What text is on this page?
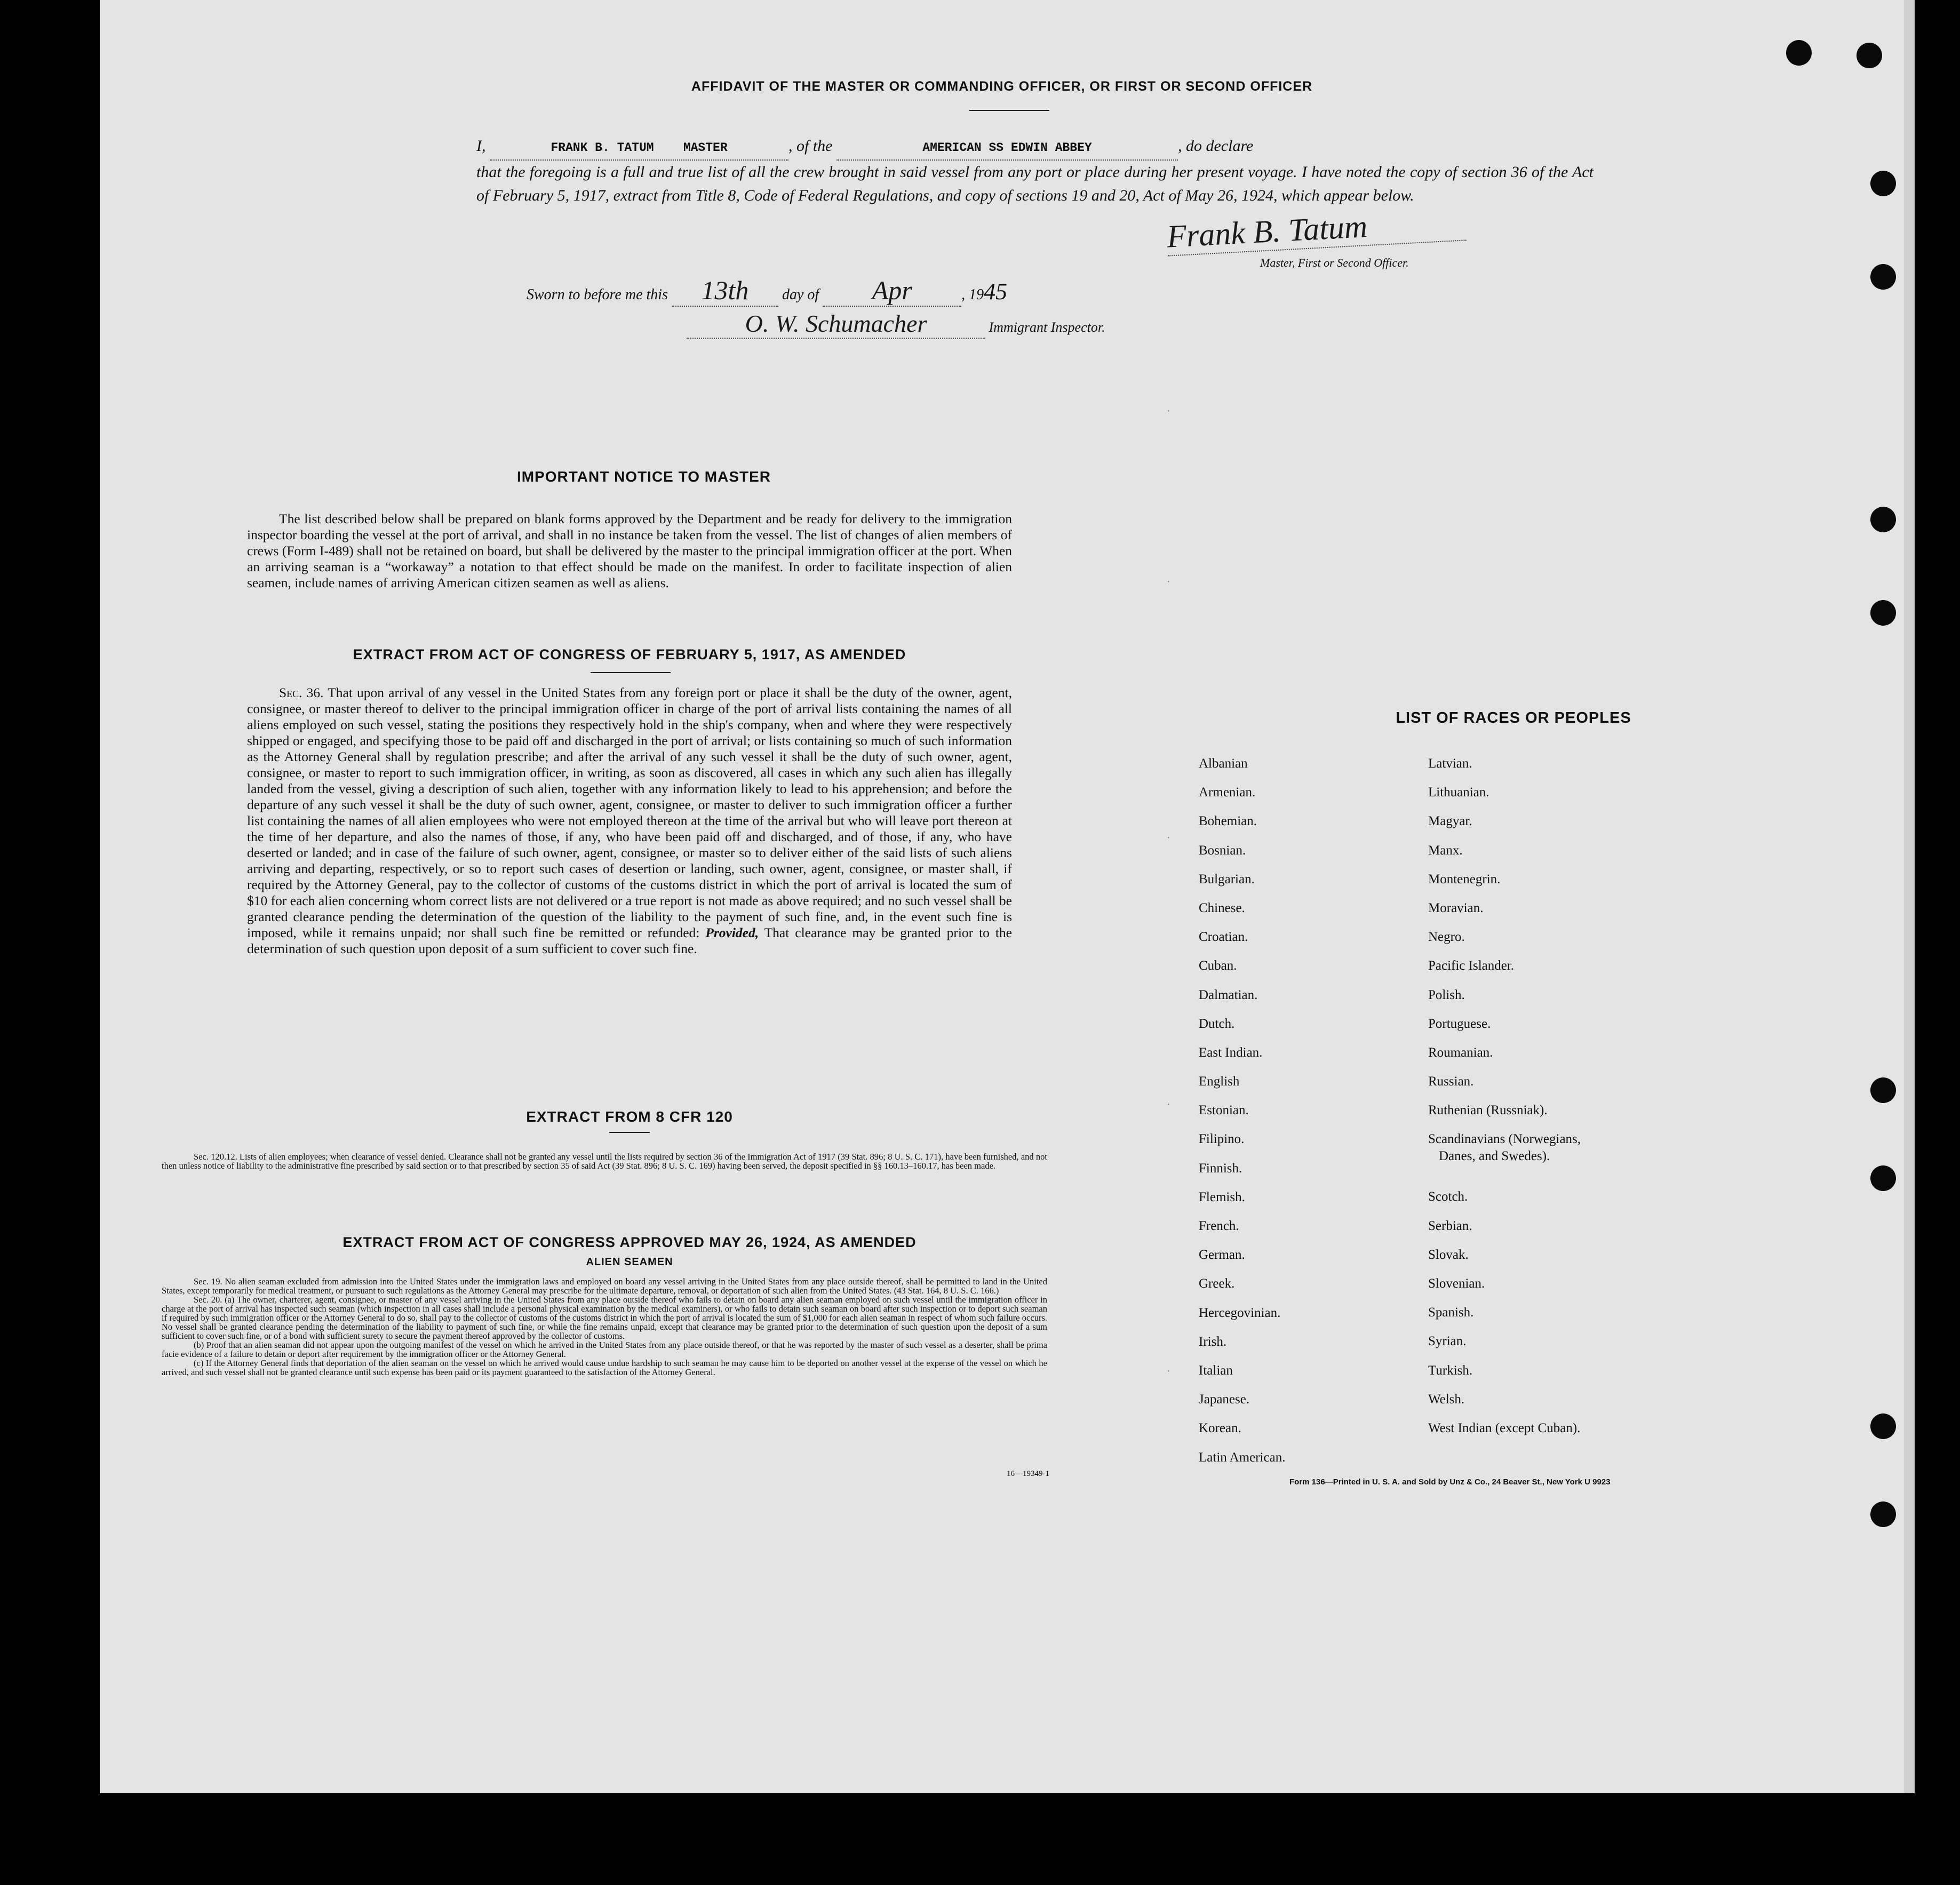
AFFIDAVIT OF THE MASTER OR COMMANDING OFFICER, OR FIRST OR SECOND OFFICER
I,	FRANK B. TATUM MASTER	, of the	AMERICAN SS EDWIN ABBEY	, do declare

that the foregoing is a full and true list of all the crew brought in said vessel from any port or place during her present voyage. I have noted the copy of section 36 of the Act of February 5, 1917, extract from Title 8, Code of Federal Regulations, and copy of sections 19 and 20, Act of May 26, 1924, which appear below.
Frank B. Tatum
Master, First or Second Officer.
Sworn to before me this 13th day of Apr	, 1945
O. W. Schumacher	Immigrant Inspector.
IMPORTANT NOTICE TO MASTER
The list described below shall be prepared on blank forms approved by the Department and be ready for delivery to the immigration inspector boarding the vessel at the port of arrival, and shall in no instance be taken from the vessel. The list of changes of alien members of crews (Form I-489) shall not be retained on board, but shall be delivered by the master to the principal immigration officer at the port. When an arriving seaman is a “workaway” a notation to that effect should be made on the manifest. In order to facilitate inspection of alien seamen, include names of arriving American citizen seamen as well as aliens.
EXTRACT FROM ACT OF CONGRESS OF FEBRUARY 5, 1917, AS AMENDED
Sec. 36. That upon arrival of any vessel in the United States from any foreign port or place it shall be the duty of the owner, agent, consignee, or master thereof to deliver to the principal immigration officer in charge of the port of arrival lists containing the names of all aliens employed on such vessel, stating the positions they respectively hold in the ship's company, when and where they were respectively shipped or engaged, and specifying those to be paid off and discharged in the port of arrival; or lists containing so much of such information as the Attorney General shall by regulation prescribe; and after the arrival of any such vessel it shall be the duty of such owner, agent, consignee, or master to report to such immigration officer, in writing, as soon as discovered, all cases in which any such alien has illegally landed from the vessel, giving a description of such alien, together with any information likely to lead to his apprehension; and before the departure of any such vessel it shall be the duty of such owner, agent, consignee, or master to deliver to such immigration officer a further list containing the names of all alien employees who were not employed thereon at the time of the arrival but who will leave port thereon at the time of her departure, and also the names of those, if any, who have been paid off and discharged, and of those, if any, who have deserted or landed; and in case of the failure of such owner, agent, consignee, or master so to deliver either of the said lists of such aliens arriving and departing, respectively, or so to report such cases of desertion or landing, such owner, agent, consignee, or master shall, if required by the Attorney General, pay to the collector of customs of the customs district in which the port of arrival is located the sum of $10 for each alien concerning whom correct lists are not delivered or a true report is not made as above required; and no such vessel shall be granted clearance pending the determination of the question of the liability to the payment of such fine, and, in the event such fine is imposed, while it remains unpaid; nor shall such fine be remitted or refunded: Provided, That clearance may be granted prior to the determination of such question upon deposit of a sum sufficient to cover such fine.
EXTRACT FROM 8 CFR 120
Sec. 120.12. Lists of alien employees; when clearance of vessel denied. Clearance shall not be granted any vessel until the lists required by section 36 of the Immigration Act of 1917 (39 Stat. 896; 8 U. S. C. 171), have been furnished, and not then unless notice of liability to the administrative fine prescribed by said section or to that prescribed by section 35 of said Act (39 Stat. 896; 8 U. S. C. 169) having been served, the deposit specified in §§ 160.13–160.17, has been made.
EXTRACT FROM ACT OF CONGRESS APPROVED MAY 26, 1924, AS AMENDED
ALIEN SEAMEN
Sec. 19. No alien seaman excluded from admission into the United States under the immigration laws and employed on board any vessel arriving in the United States from any place outside thereof, shall be permitted to land in the United States, except temporarily for medical treatment, or pursuant to such regulations as the Attorney General may prescribe for the ultimate departure, removal, or deportation of such alien from the United States. (43 Stat. 164, 8 U. S. C. 166.)
Sec. 20. (a) The owner, charterer, agent, consignee, or master of any vessel arriving in the United States from any place outside thereof who fails to detain on board any alien seaman employed on such vessel until the immigration officer in charge at the port of arrival has inspected such seaman (which inspection in all cases shall include a personal physical examination by the medical examiners), or who fails to detain such seaman on board after such inspection or to deport such seaman if required by such immigration officer or the Attorney General to do so, shall pay to the collector of customs of the customs district in which the port of arrival is located the sum of $1,000 for each alien seaman in respect of whom such failure occurs. No vessel shall be granted clearance pending the determination of the liability to payment of such fine, or while the fine remains unpaid, except that clearance may be granted prior to the determination of such question upon the deposit of a sum sufficient to cover such fine, or of a bond with sufficient surety to secure the payment thereof approved by the collector of customs.
(b) Proof that an alien seaman did not appear upon the outgoing manifest of the vessel on which he arrived in the United States from any place outside thereof, or that he was reported by the master of such vessel as a deserter, shall be prima facie evidence of a failure to detain or deport after requirement by the immigration officer or the Attorney General.
(c) If the Attorney General finds that deportation of the alien seaman on the vessel on which he arrived would cause undue hardship to such seaman he may cause him to be deported on another vessel at the expense of the vessel on which he arrived, and such vessel shall not be granted clearance until such expense has been paid or its payment guaranteed to the satisfaction of the Attorney General.
16—19349-1
LIST OF RACES OR PEOPLES
Albanian
Armenian.
Bohemian.
Bosnian.
Bulgarian.
Chinese.
Croatian.
Cuban.
Dalmatian.
Dutch.
East Indian.
English
Estonian.
Filipino.
Finnish.
Flemish.
French.
German.
Greek.
Hercegovinian.
Irish.
Italian
Japanese.
Korean.
Latin American.
Latvian.
Lithuanian.
Magyar.
Manx.
Montenegrin.
Moravian.
Negro.
Pacific Islander.
Polish.
Portuguese.
Roumanian.
Russian.
Ruthenian (Russniak).
Scandinavians (Norwegians,
Danes, and Swedes).
Scotch.
Serbian.
Slovak.
Slovenian.
Spanish.
Syrian.
Turkish.
Welsh.
West Indian (except Cuban).
Form 136—Printed in U. S. A. and Sold by Unz & Co., 24 Beaver St., New York U 9923
·
·
·
·
·
